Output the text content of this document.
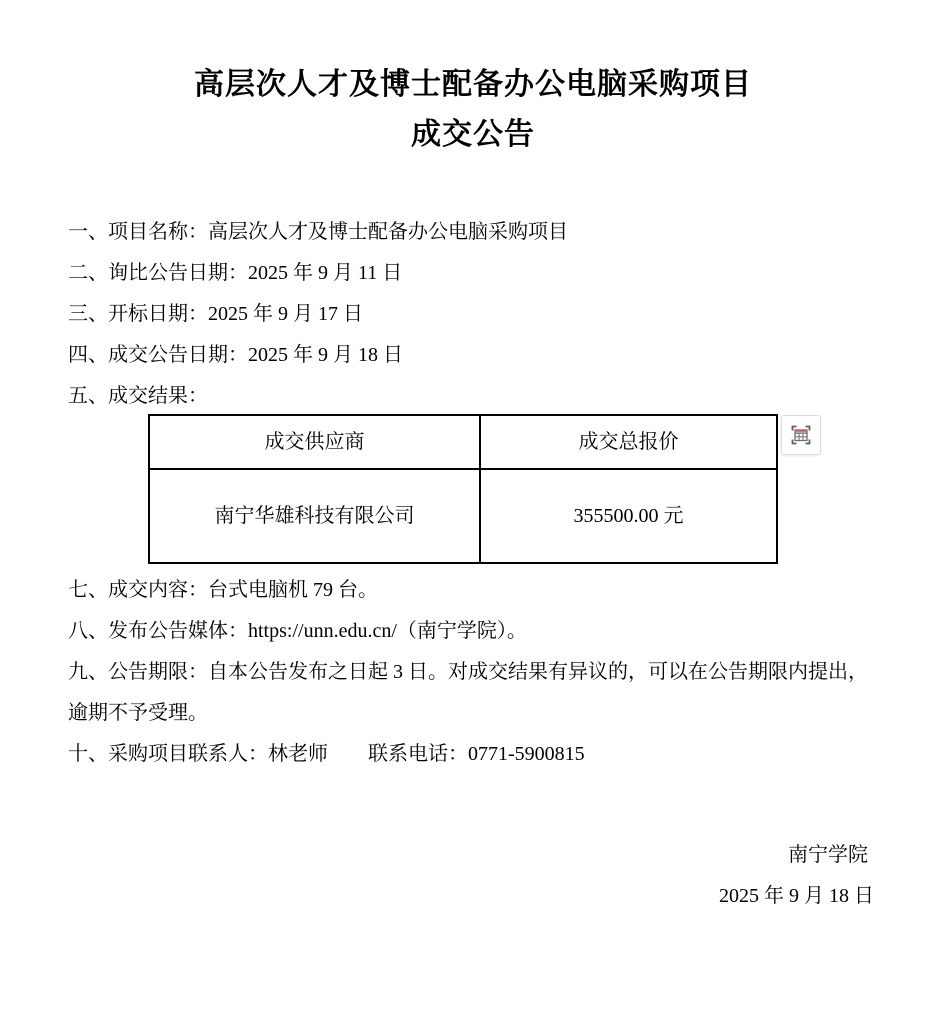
高层次人才及博士配备办公电脑采购项目
成交公告

一、项目名称：高层次人才及博士配备办公电脑采购项目

二、询比公告日期：2025 年 9 月 11 日

三、开标日期：2025 年 9 月 17 日

四、成交公告日期：2025 年 9 月 18 日

五、成交结果：

成交供应商	成交总报价
南宁华雄科技有限公司	355500.00 元

七、成交内容：台式电脑机 79 台。

八、发布公告媒体：https://unn.edu.cn/（南宁学院）。

九、公告期限：自本公告发布之日起 3 日。对成交结果有异议的，可以在公告期限内提出，逾期不予受理。

十、采购项目联系人：林老师　　联系电话：0771-5900815

南宁学院

2025 年 9 月 18 日
